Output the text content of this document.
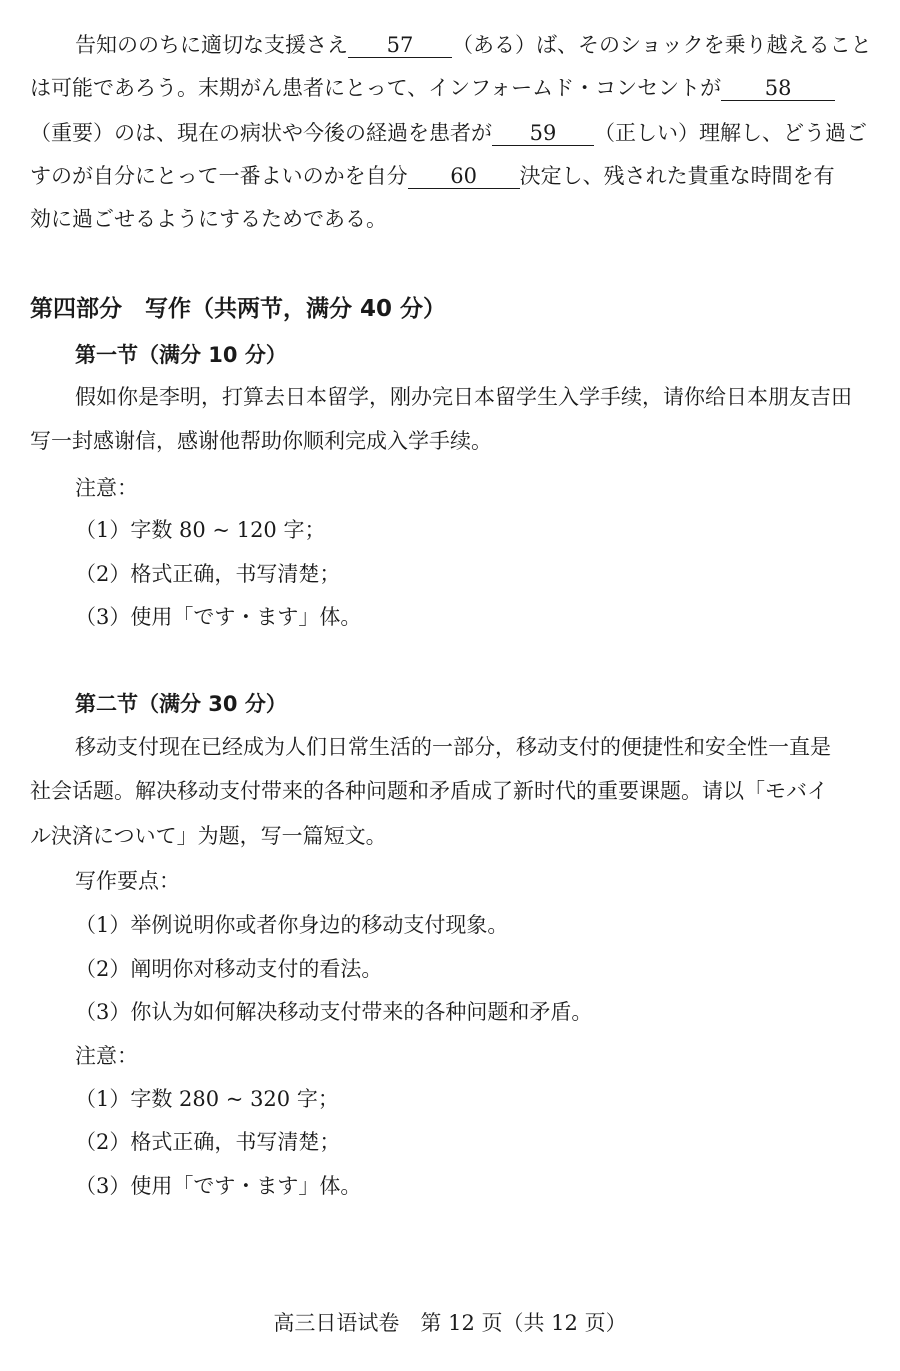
告知ののちに適切な支援さえ 57 （ある）ば、そのショックを乗り越えること
は可能であろう。末期がん患者にとって、インフォームド・コンセントが 58
（重要）のは、現在の病状や今後の経過を患者が 59 （正しい）理解し、どう過ご
すのが自分にとって一番よいのかを自分 60 決定し、残された貴重な時間を有
効に過ごせるようにするためである。
第四部分　写作（共两节，满分 40 分）
第一节（满分 10 分）
假如你是李明，打算去日本留学，刚办完日本留学生入学手续，请你给日本朋友吉田
写一封感谢信，感谢他帮助你顺利完成入学手续。
注意：
（1）字数 80 ~ 120 字；
（2）格式正确，书写清楚；
（3）使用「です・ます」体。
第二节（满分 30 分）
移动支付现在已经成为人们日常生活的一部分，移动支付的便捷性和安全性一直是
社会话题。解决移动支付带来的各种问题和矛盾成了新时代的重要课题。请以「モバイ
ル決済について」为题，写一篇短文。
写作要点：
（1）举例说明你或者你身边的移动支付现象。
（2）阐明你对移动支付的看法。
（3）你认为如何解决移动支付带来的各种问题和矛盾。
注意：
（1）字数 280 ~ 320 字；
（2）格式正确，书写清楚；
（3）使用「です・ます」体。
高三日语试卷　第 12 页（共 12 页）
